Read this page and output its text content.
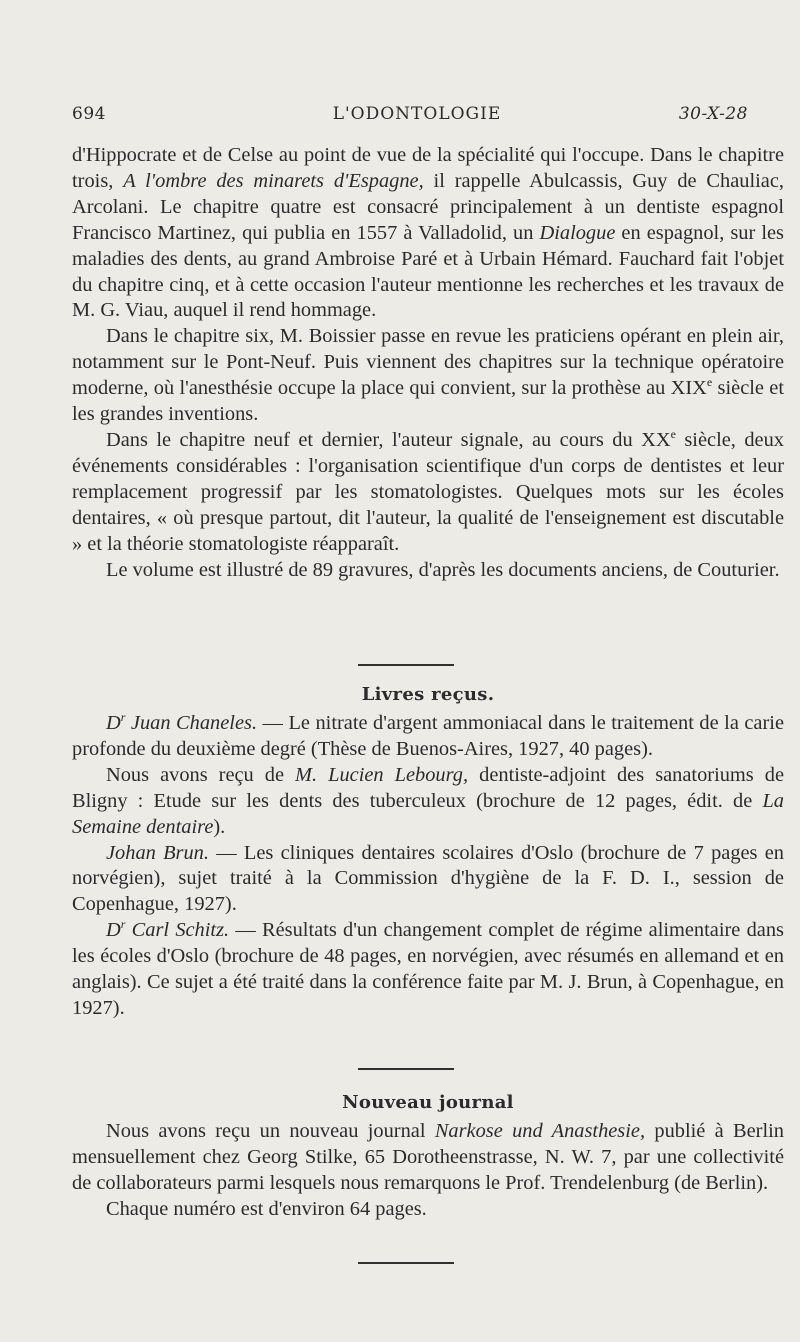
694	L'ODONTOLOGIE	30-X-28

d'Hippocrate et de Celse au point de vue de la spécialité qui l'occupe. Dans le chapitre trois, A l'ombre des minarets d'Espagne, il rappelle Abulcassis, Guy de Chauliac, Arcolani. Le chapitre quatre est consacré principalement à un dentiste espagnol Francisco Martinez, qui publia en 1557 à Valladolid, un Dialogue en espagnol, sur les maladies des dents, au grand Ambroise Paré et à Urbain Hémard. Fauchard fait l'objet du chapitre cinq, et à cette occasion l'auteur mentionne les recherches et les travaux de M. G. Viau, auquel il rend hommage.

Dans le chapitre six, M. Boissier passe en revue les praticiens opérant en plein air, notamment sur le Pont-Neuf. Puis viennent des chapitres sur la technique opératoire moderne, où l'anesthésie occupe la place qui convient, sur la prothèse au XIXe siècle et les grandes inventions.

Dans le chapitre neuf et dernier, l'auteur signale, au cours du XXe siècle, deux événements considérables : l'organisation scientifique d'un corps de dentistes et leur remplacement progressif par les stomatologistes. Quelques mots sur les écoles dentaires, « où presque partout, dit l'auteur, la qualité de l'enseignement est discutable » et la théorie stomatologiste réapparaît.

Le volume est illustré de 89 gravures, d'après les documents anciens, de Couturier.

Livres reçus.

$D^r$ Juan Chaneles. — Le nitrate d'argent ammoniacal dans le traitement de la carie profonde du deuxième degré (Thèse de Buenos-Aires, 1927, 40 pages).

Nous avons reçu de M. Lucien Lebourg, dentiste-adjoint des sanatoriums de Bligny : Etude sur les dents des tuberculeux (brochure de 12 pages, édit. de La Semaine dentaire).

Johan Brun. — Les cliniques dentaires scolaires d'Oslo (brochure de 7 pages en norvégien), sujet traité à la Commission d'hygiène de la F. D. I., session de Copenhague, 1927).

$D^r$ Carl Schitz. — Résultats d'un changement complet de régime alimentaire dans les écoles d'Oslo (brochure de 48 pages, en norvégien, avec résumés en allemand et en anglais). Ce sujet a été traité dans la conférence faite par M. J. Brun, à Copenhague, en 1927).

Nouveau journal

Nous avons reçu un nouveau journal Narkose und Anasthesie, publié à Berlin mensuellement chez Georg Stilke, 65 Dorotheenstrasse, N. W. 7, par une collectivité de collaborateurs parmi lesquels nous remarquons le Prof. Trendelenburg (de Berlin).

Chaque numéro est d'environ 64 pages.
